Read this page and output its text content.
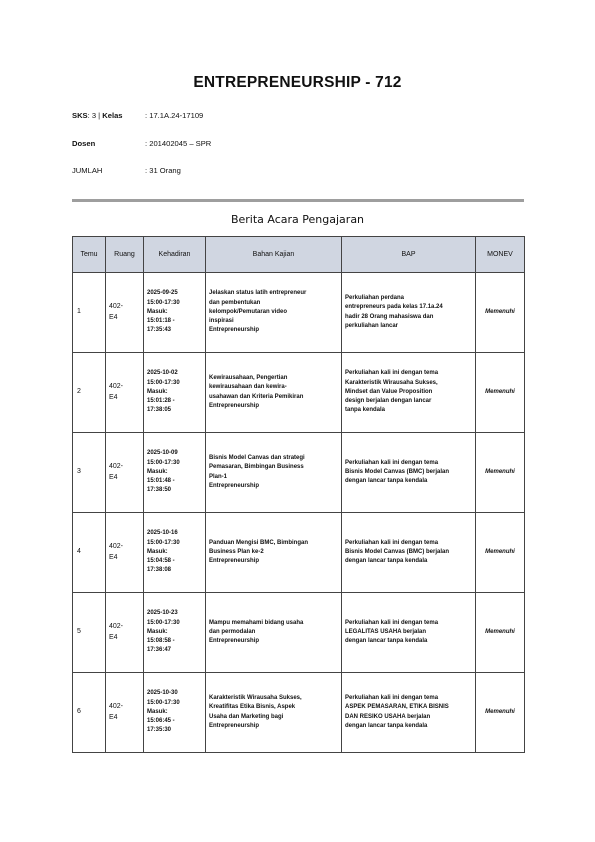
ENTREPRENEURSHIP - 712
SKS: 3 | Kelas	: 17.1A.24-17109
Dosen	: 201402045 – SPR
JUMLAH	: 31 Orang
Berita Acara Pengajaran
Temu	Ruang	Kehadiran	Bahan Kajian	BAP	MONEV
1	402-
E4	2025-09-25
15:00-17:30
Masuk:
15:01:18 -
17:35:43	Jelaskan status latih entrepreneur
dan pembentukan
kelompok/Pemutaran video
inspirasi
Entrepreneurship	Perkuliahan perdana
entrepreneurs pada kelas 17.1a.24
hadir 28 Orang mahasiswa dan
perkuliahan lancar	Memenuhi
2	402-
E4	2025-10-02
15:00-17:30
Masuk:
15:01:28 -
17:38:05	Kewirausahaan, Pengertian
kewirausahaan dan kewira-
usahawan dan Kriteria Pemikiran
Entrepreneurship	Perkuliahan kali ini dengan tema
Karakteristik Wirausaha Sukses,
Mindset dan Value Proposition
design berjalan dengan lancar
tanpa kendala	Memenuhi
3	402-
E4	2025-10-09
15:00-17:30
Masuk:
15:01:48 -
17:38:50	Bisnis Model Canvas dan strategi
Pemasaran, Bimbingan Business
Plan-1
Entrepreneurship	Perkuliahan kali ini dengan tema
Bisnis Model Canvas (BMC) berjalan
dengan lancar tanpa kendala	Memenuhi
4	402-
E4	2025-10-16
15:00-17:30
Masuk:
15:04:58 -
17:38:08	Panduan Mengisi BMC, Bimbingan
Business Plan ke-2
Entrepreneurship	Perkuliahan kali ini dengan tema
Bisnis Model Canvas (BMC) berjalan
dengan lancar tanpa kendala	Memenuhi
5	402-
E4	2025-10-23
15:00-17:30
Masuk:
15:08:58 -
17:36:47	Mampu memahami bidang usaha
dan permodalan
Entrepreneurship	Perkuliahan kali ini dengan tema
LEGALITAS USAHA berjalan
dengan lancar tanpa kendala	Memenuhi
6	402-
E4	2025-10-30
15:00-17:30
Masuk:
15:06:45 -
17:35:30	Karakteristik Wirausaha Sukses,
Kreatifitas Etika Bisnis, Aspek
Usaha dan Marketing bagi
Entrepreneurship	Perkuliahan kali ini dengan tema
ASPEK PEMASARAN, ETIKA BISNIS
DAN RESIKO USAHA berjalan
dengan lancar tanpa kendala	Memenuhi
